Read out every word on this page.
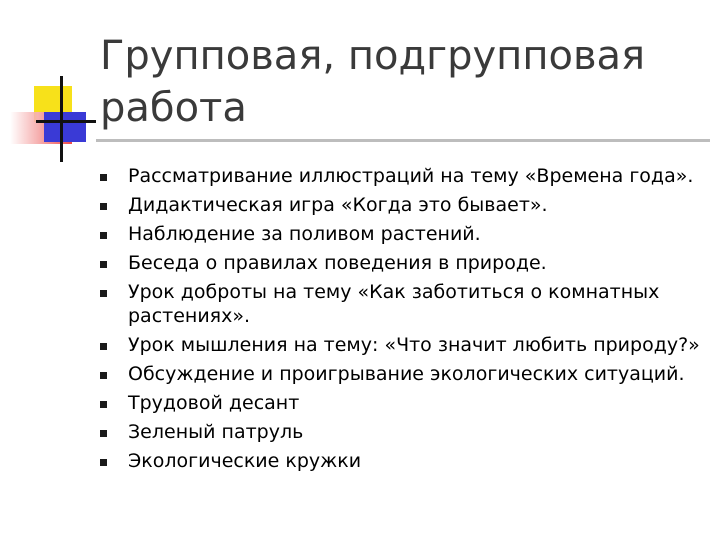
Групповая, подгрупповая
работа
Рассматривание иллюстраций на тему «Времена года».
Дидактическая игра «Когда это бывает».
Наблюдение за поливом растений.
Беседа о правилах поведения в природе.
Урок доброты на тему «Как заботиться о комнатных растениях».
Урок мышления на тему: «Что значит любить природу?»
Обсуждение и проигрывание экологических ситуаций.
Трудовой десант
Зеленый патруль
Экологические кружки
